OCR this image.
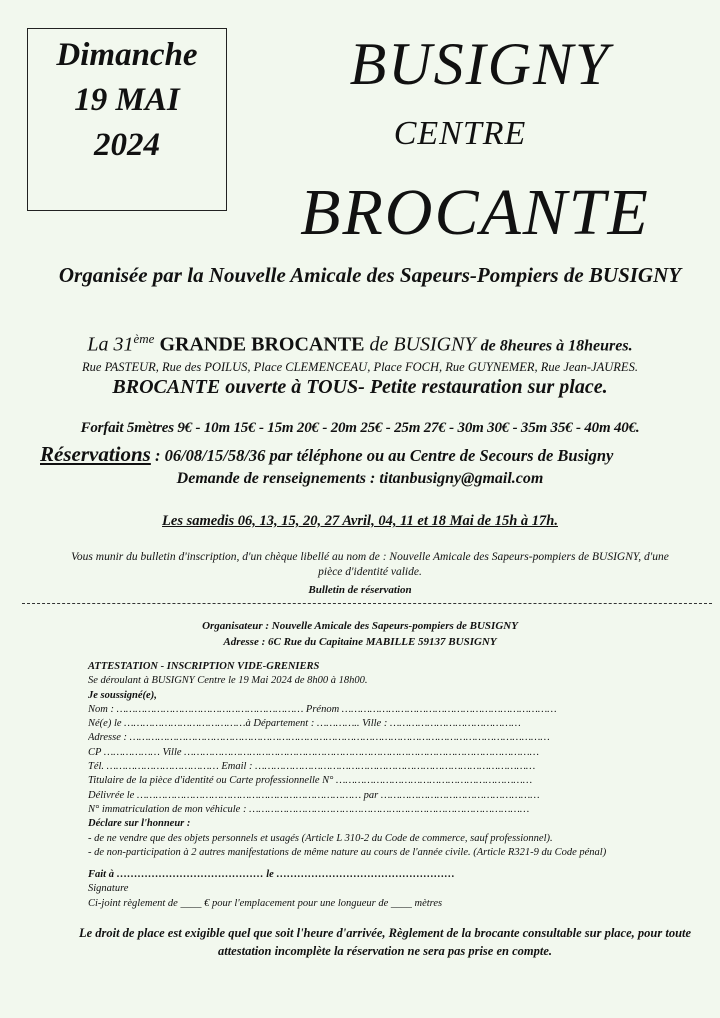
Dimanche
19 MAI
2024
BUSIGNY
CENTRE
BROCANTE
Organisée par la Nouvelle Amicale des Sapeurs-Pompiers de BUSIGNY
La 31ème GRANDE BROCANTE de BUSIGNY de 8heures à 18heures.
Rue PASTEUR, Rue des POILUS, Place CLEMENCEAU, Place FOCH, Rue GUYNEMER, Rue Jean-JAURES.
BROCANTE ouverte à TOUS- Petite restauration sur place.
Forfait 5mètres 9€ - 10m 15€ - 15m 20€ - 20m 25€ - 25m 27€ - 30m 30€ - 35m 35€ - 40m 40€.
Réservations : 06/08/15/58/36 par téléphone ou au Centre de Secours de Busigny
Demande de renseignements : titanbusigny@gmail.com
Les samedis 06, 13, 15, 20, 27 Avril, 04, 11 et 18 Mai de 15h à 17h.
Vous munir du bulletin d'inscription, d'un chèque libellé au nom de : Nouvelle Amicale des Sapeurs-pompiers de BUSIGNY, d'une pièce d'identité valide.
Bulletin de réservation
Organisateur : Nouvelle Amicale des Sapeurs-pompiers de BUSIGNY
Adresse : 6C Rue du Capitaine MABILLE 59137 BUSIGNY
ATTESTATION - INSCRIPTION VIDE-GRENIERS
Se déroulant à BUSIGNY Centre le 19 Mai 2024 de 8h00 à 18h00.
Je soussigné(e),
Nom : …………………………………………………… Prénom ……………………………………………………………
Né(e) le …………………………………à Département : ………….. Ville : ……………………………………
Adresse : ………………………………………………………………………………………………………………………
CP ……………… Ville ……………………………………………………………………………………………………
Tél. ……………………………… Email : ………………………………………………………………………………
Titulaire de la pièce d'identité ou Carte professionnelle N° ………………………………………………………
Délivrée le ……………………………………………………………… par ……………………………………………
N° immatriculation de mon véhicule : ………………………………………………………………………………
Déclare sur l'honneur :
- de ne vendre que des objets personnels et usagés (Article L 310-2 du Code de commerce, sauf professionnel).
- de non-participation à 2 autres manifestations de même nature au cours de l'année civile. (Article R321-9 du Code pénal)
Fait à …………………………………… le ……………………………………………
Signature
Ci-joint règlement de ____ € pour l'emplacement pour une longueur de ____ mètres
Le droit de place est exigible quel que soit l'heure d'arrivée, Règlement de la brocante consultable sur place, pour toute attestation incomplète la réservation ne sera pas prise en compte.
